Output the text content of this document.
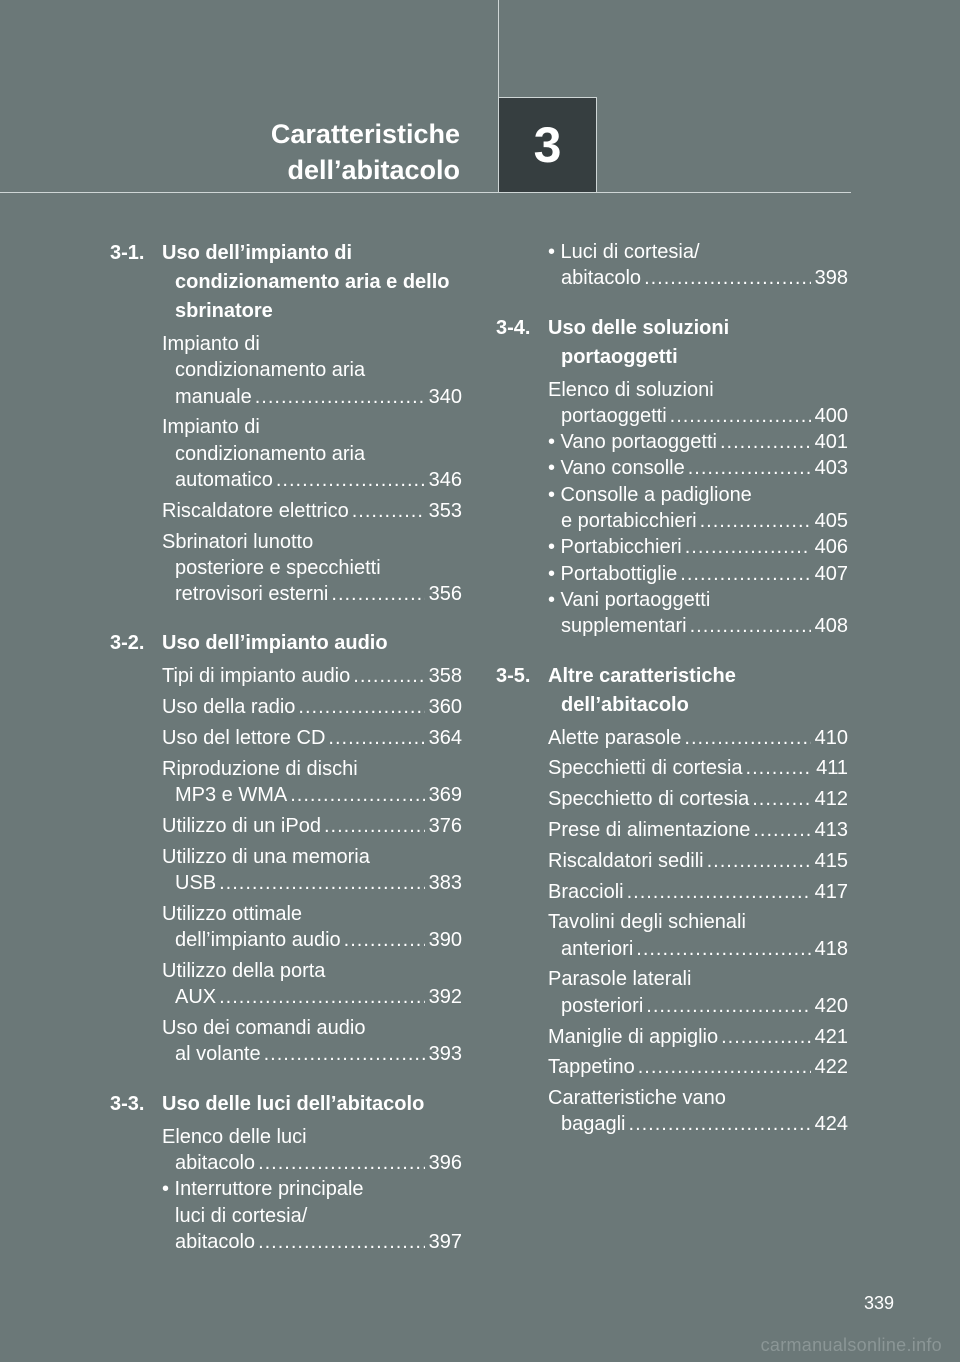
Caratteristiche
dell’abitacolo 3
3-1. Uso dell’impianto di condizionamento aria e dello sbrinatore
Impianto di
condizionamento aria
manuale .....	340
Impianto di
condizionamento aria
automatico .....	346
Riscaldatore elettrico .....	353
Sbrinatori lunotto
posteriore e specchietti
retrovisori esterni .....	356
3-2. Uso dell’impianto audio
Tipi di impianto audio .....	358
Uso della radio .....	360
Uso del lettore CD .....	364
Riproduzione di dischi
MP3 e WMA .....	369
Utilizzo di un iPod .....	376
Utilizzo di una memoria
USB .....	383
Utilizzo ottimale
dell’impianto audio .....	390
Utilizzo della porta
AUX .....	392
Uso dei comandi audio
al volante .....	393
3-3. Uso delle luci dell’abitacolo
Elenco delle luci
abitacolo .....	396
• Interruttore principale
luci di cortesia/
abitacolo .....	397
• Luci di cortesia/
abitacolo .....	398
3-4. Uso delle soluzioni portaoggetti
Elenco di soluzioni
portaoggetti .....	400
• Vano portaoggetti .....	401
• Vano consolle .....	403
• Consolle a padiglione
e portabicchieri .....	405
• Portabicchieri .....	406
• Portabottiglie .....	407
• Vani portaoggetti
supplementari .....	408
3-5. Altre caratteristiche dell’abitacolo
Alette parasole .....	410
Specchietti di cortesia .....	411
Specchietto di cortesia .....	412
Prese di alimentazione .....	413
Riscaldatori sedili .....	415
Braccioli .....	417
Tavolini degli schienali
anteriori .....	418
Parasole laterali
posteriori .....	420
Maniglie di appiglio .....	421
Tappetino .....	422
Caratteristiche vano
bagagli .....	424
339
carmanualsonline.info
